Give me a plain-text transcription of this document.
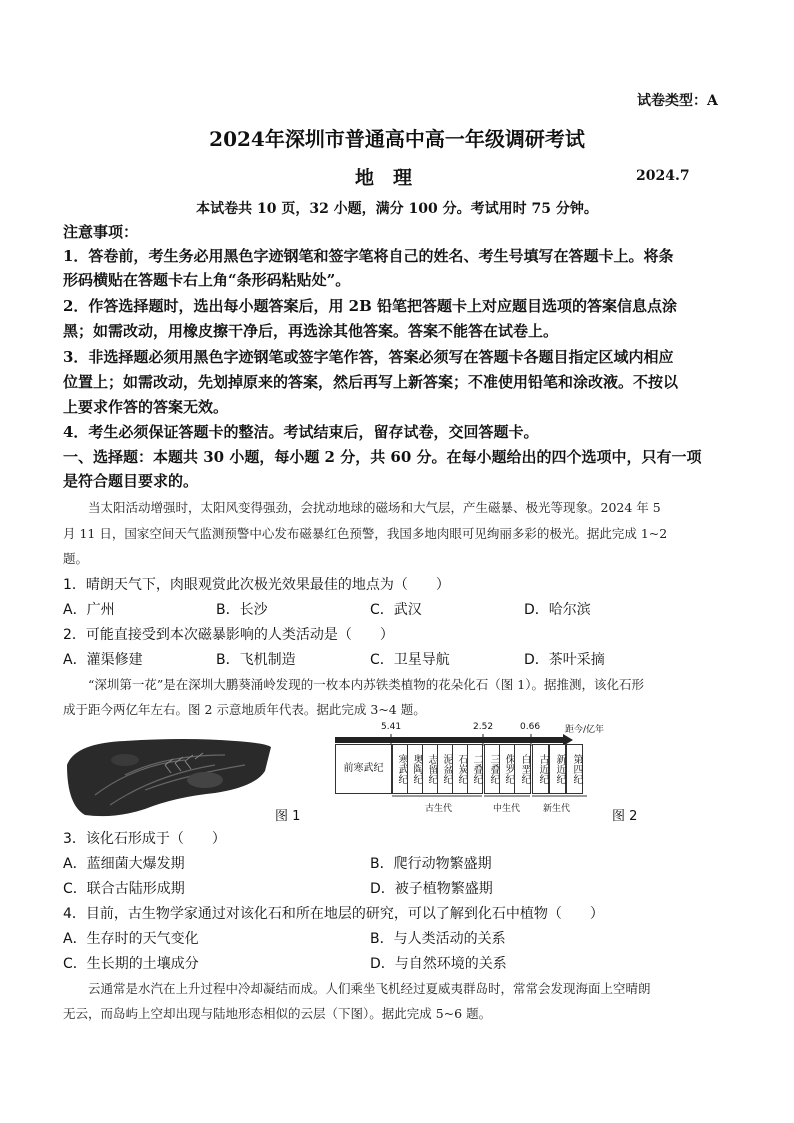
试卷类型：A
2024年深圳市普通高中高一年级调研考试
地　理	2024.7
本试卷共 10 页，32 小题，满分 100 分。考试用时 75 分钟。
注意事项：
1．答卷前，考生务必用黑色字迹钢笔和签字笔将自己的姓名、考生号填写在答题卡上。将条
形码横贴在答题卡右上角“条形码粘贴处”。
2．作答选择题时，选出每小题答案后，用 2B 铅笔把答题卡上对应题目选项的答案信息点涂
黑；如需改动，用橡皮擦干净后，再选涂其他答案。答案不能答在试卷上。
3．非选择题必须用黑色字迹钢笔或签字笔作答，答案必须写在答题卡各题目指定区域内相应
位置上；如需改动，先划掉原来的答案，然后再写上新答案；不准使用铅笔和涂改液。不按以
上要求作答的答案无效。
4．考生必须保证答题卡的整洁。考试结束后，留存试卷，交回答题卡。
一、选择题：本题共 30 小题，每小题 2 分，共 60 分。在每小题给出的四个选项中，只有一项
是符合题目要求的。
当太阳活动增强时，太阳风变得强劲，会扰动地球的磁场和大气层，产生磁暴、极光等现象。2024 年 5
月 11 日，国家空间天气监测预警中心发布磁暴红色预警，我国多地肉眼可见绚丽多彩的极光。据此完成 1~2
题。
1．晴朗天气下，肉眼观赏此次极光效果最佳的地点为（　　）
A．广州	B．长沙	C．武汉	D．哈尔滨
2．可能直接受到本次磁暴影响的人类活动是（　　）
A．灌渠修建	B．飞机制造	C．卫星导航	D．茶叶采摘
“深圳第一花”是在深圳大鹏葵涌岭发现的一枚本内苏铁类植物的花朵化石（图 1）。据推测，该化石形
成于距今两亿年左右。图 2 示意地质年代表。据此完成 3~4 题。
图 1
5.41	2.52	0.66	距今/亿年
前寒武纪	寒武纪 奥陶纪 志留纪 泥盆纪 石炭纪 二叠纪 三叠纪 侏罗纪 白垩纪 古近纪 新近纪 第四纪
古生代	中生代	新生代	图 2
3．该化石形成于（　　）
A．蓝细菌大爆发期	B．爬行动物繁盛期
C．联合古陆形成期	D．被子植物繁盛期
4．目前，古生物学家通过对该化石和所在地层的研究，可以了解到化石中植物（　　）
A．生存时的天气变化	B．与人类活动的关系
C．生长期的土壤成分	D．与自然环境的关系
云通常是水汽在上升过程中冷却凝结而成。人们乘坐飞机经过夏威夷群岛时，常常会发现海面上空晴朗
无云，而岛屿上空却出现与陆地形态相似的云层（下图）。据此完成 5~6 题。
